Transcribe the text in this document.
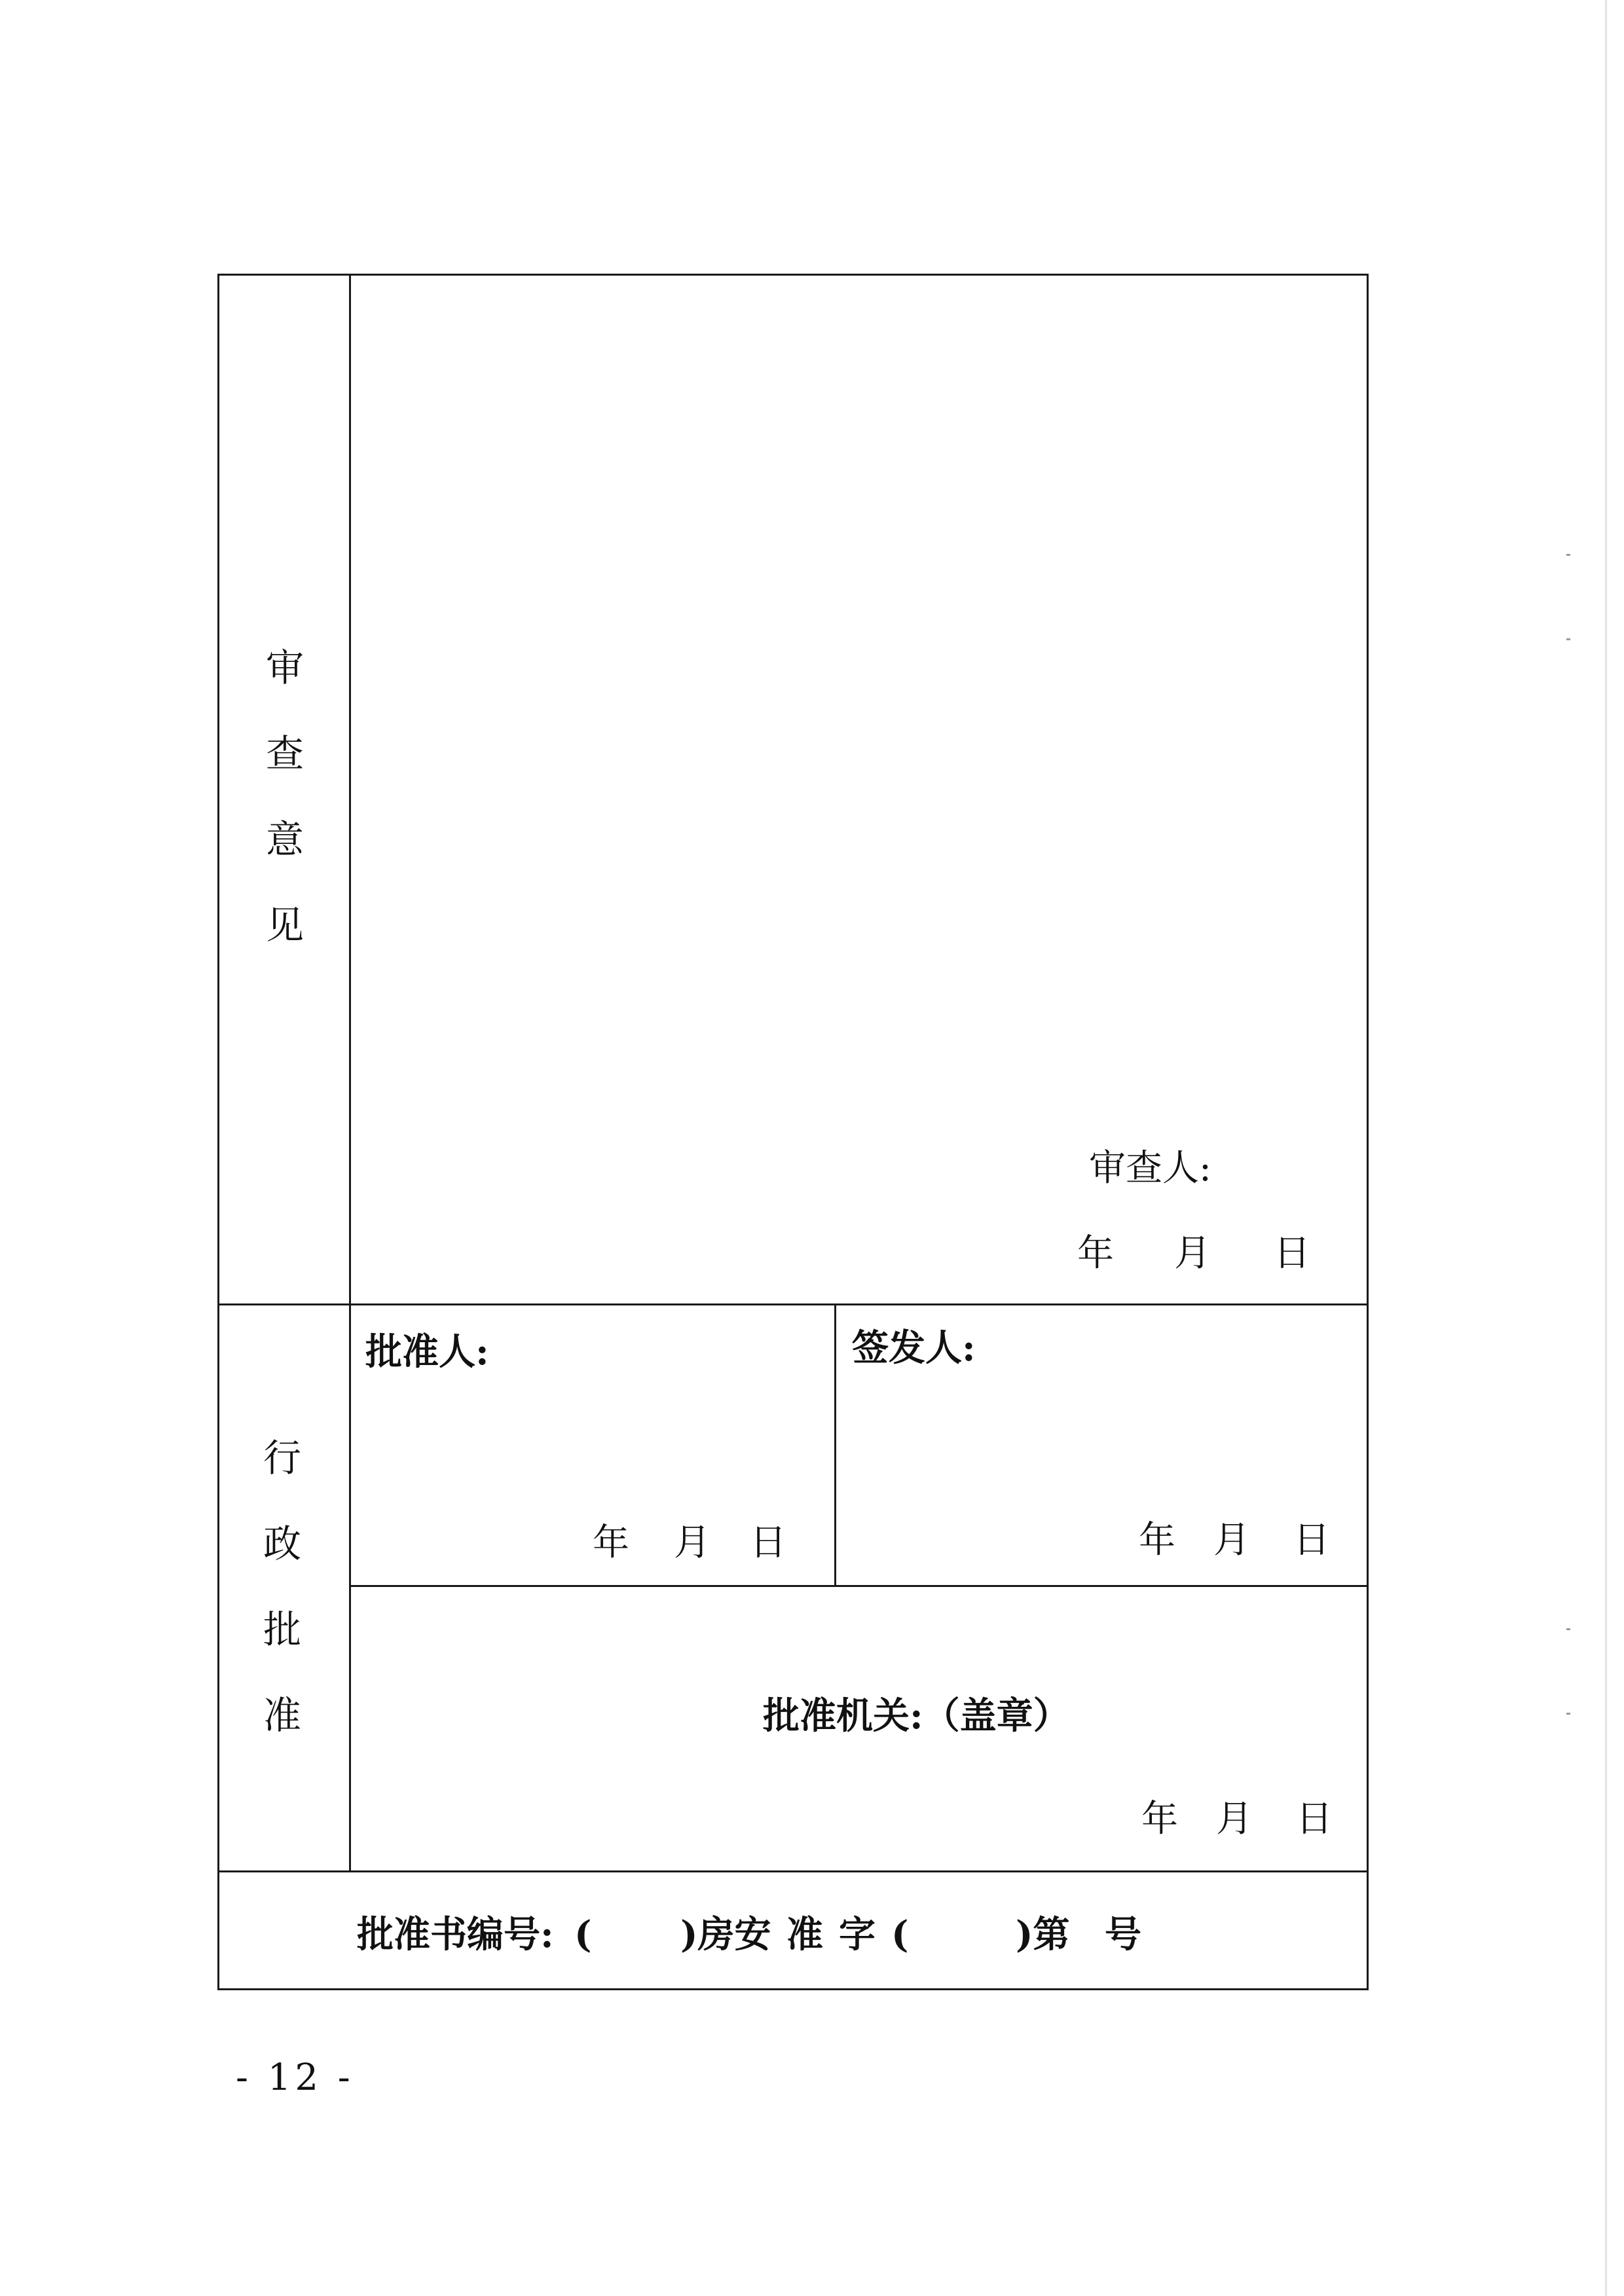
审
查
意
见
审查人:
年	月	日
行
政
批
准
批准人:
年	月	日
签发人:
年	月	日
批准机关:（盖章）
年	月	日
批准书编号: (	)房安 准 字 (	)第 号
- 12 -
